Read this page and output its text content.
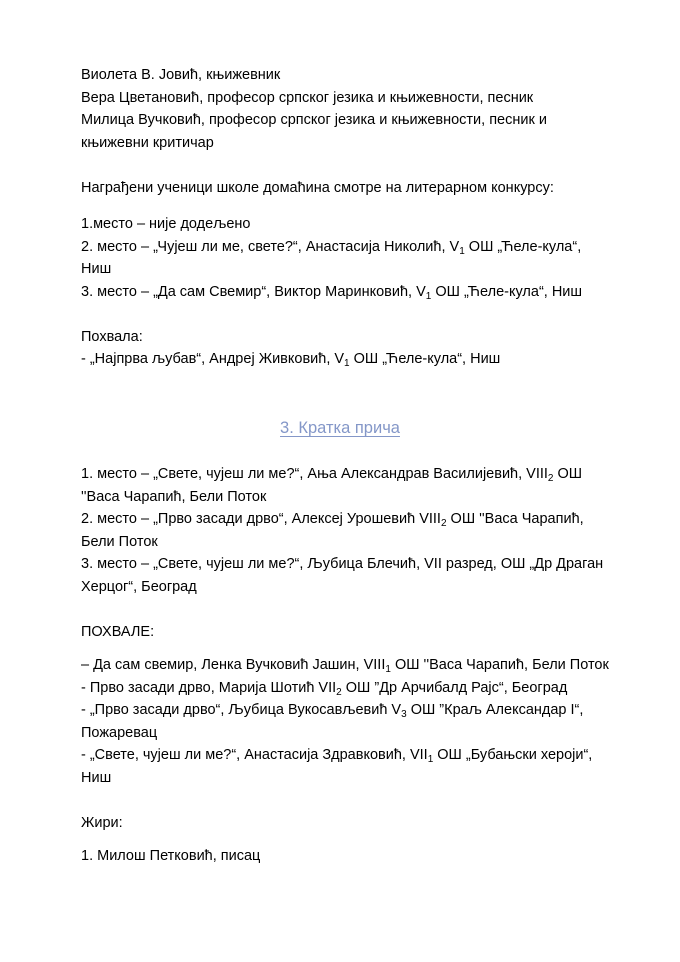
Виолета В. Јовић, књижевник
Вера Цветановић, професор српског језика и књижевности, песник
Милица Вучковић, професор српског језика и књижевности, песник и
књижевни критичар

Награђени ученици школе домаћина смотре на литерарном конкурсу:

1.место – није додељено
2. место – „Чујеш ли ме, свете?“, Анастасија Николић, $V_1$ ОШ „Ћеле-кула“,
Ниш
3. место – „Да сам Свемир“, Виктор Маринковић, $V_1$ ОШ „Ћеле-кула“, Ниш

Похвала:

- „Најпрва љубав“, Андреј Живковић, $V_1$ ОШ „Ћеле-кула“, Ниш
3. Кратка прича
1. место – „Свете, чујеш ли ме?“, Ања Александрав Василијевић, $VIII_2$ ОШ
''Васа Чарапић, Бели Поток
2. место – „Прво засади дрво“, Алексеј Урошевић $VIII_2$ ОШ ''Васа Чарапић,
Бели Поток
3. место – „Свете, чујеш ли ме?“, Љубица Блечић, VII разред, ОШ „Др Драган
Херцог“, Београд

ПОХВАЛЕ:

– Да сам свемир, Ленка Вучковић Јашин, $VIII_1$ ОШ ''Васа Чарапић, Бели Поток
- Прво засади дрво, Марија Шотић $VII_2$ ОШ ”Др Арчибалд Рајс“, Београд
- „Прво засади дрво“, Љубица Вукосављевић $V_3$ ОШ ”Краљ Александар I“,
Пожаревац
- „Свете, чујеш ли ме?“, Анастасија Здравковић, $VII_1$ ОШ „Бубањски хероји“,
Ниш

Жири:

1. Милош Петковић, писац
